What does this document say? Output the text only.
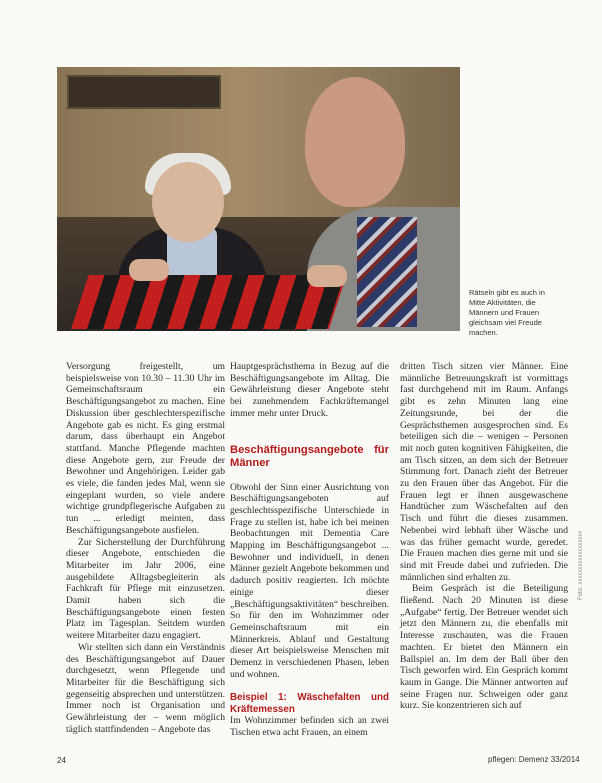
Rätseln gibt es auch in Mitte Aktivitäten, die Männern und Frauen gleichsam viel Freude machen.

Versorgung freigestellt, um beispielsweise von 10.30 – 11.30 Uhr im Gemeinschaftsraum ein Beschäftigungsangebot zu machen. Eine Diskussion über geschlechterspezifische Angebote gab es nicht. Es ging erstmal darum, dass überhaupt ein Angebot stattfand. Manche Pflegende machten diese Angebote gern, zur Freude der Bewohner und Angehörigen. Leider gab es viele, die fanden jedes Mal, wenn sie eingeplant wurden, so viele andere wichtige grundpflegerische Aufgaben zu tun ... erledigt meinten, dass Beschäftigungsangebote ausfielen.

Zur Sicherstellung der Durchführung dieser Angebote, entschieden die Mitarbeiter im Jahr 2006, eine ausgebildete Alltagsbegleiterin als Fachkraft für Pflege mit einzusetzen. Damit haben sich die Beschäftigungsangebote einen festen Platz im Tagesplan. Seitdem wurden weitere Mitarbeiter dazu engagiert.

Wir stellten sich dann ein Verständnis des Beschäftigungsangebot auf Dauer durchgesetzt, wenn Pflegende und Mitarbeiter für die Beschäftigung sich gegenseitig absprechen und unterstützen. Immer noch ist Organisation und Gewährleistung der – wenn möglich täglich stattfindenden – Angebote das

Hauptgesprächsthema in Bezug auf die Beschäftigungsangebote im Alltag. Die Gewährleistung dieser Angebote steht bei zunehmendem Fachkräftemangel immer mehr unter Druck.

Beschäftigungsangebote für Männer

Obwohl der Sinn einer Ausrichtung von Beschäftigungsangeboten auf geschlechtsspezifische Unterschiede in Frage zu stellen ist, habe ich bei meinen Beobachtungen mit Dementia Care Mapping im Beschäftigungsangebot ... Bewohner und individuell, in denen Männer gezielt Angebote bekommen und dadurch positiv reagierten. Ich möchte einige dieser „Beschäftigungsaktivitäten“ beschreiben. So für den im Wohnzimmer oder Gemeinschaftsraum mit ein Männerkreis. Ablauf und Gestaltung dieser Art beispielsweise Menschen mit Demenz in verschiedenen Phasen, leben und wohnen.

Beispiel 1: Wäschefalten und Kräftemessen

Im Wohnzimmer befinden sich an zwei Tischen etwa acht Frauen, an einem

dritten Tisch sitzen vier Männer. Eine männliche Betreuungskraft ist vormittags fast durchgehend mit im Raum. Anfangs gibt es zehn Minuten lang eine Zeitungsrunde, bei der die Gesprächsthemen ausgesprochen sind. Es beteiligen sich die – wenigen – Personen mit noch guten kognitiven Fähigkeiten, die am Tisch sitzen, an dem sich der Betreuer Stimmung fort. Danach zieht der Betreuer zu den Frauen über das Angebot. Für die Frauen legt er ihnen ausgewaschene Handtücher zum Wäschefalten auf den Tisch und führt die dieses zusammen. Nebenbei wird lebhaft über Wäsche und was das früher gemacht wurde, geredet. Die Frauen machen dies gerne mit und sie sind mit Freude dabei und zufrieden. Die männlichen sind erhalten zu.

Beim Gespräch ist die Beteiligung fließend. Nach 20 Minuten ist diese „Aufgabe“ fertig. Der Betreuer wendet sich jetzt den Männern zu, die ebenfalls mit Interesse zuschauten, was die Frauen machten. Er bietet den Männern ein Ballspiel an. Im dem der Ball über den Tisch geworfen wird. Ein Gespräch kommt kaum in Gange. Die Männer antworten auf seine Fragen nur. Schweigen oder ganz kurz. Sie konzentrieren sich auf

Foto: xxxxxxxxxxxxxxxxxx
24	pflegen: Demenz 33/2014
